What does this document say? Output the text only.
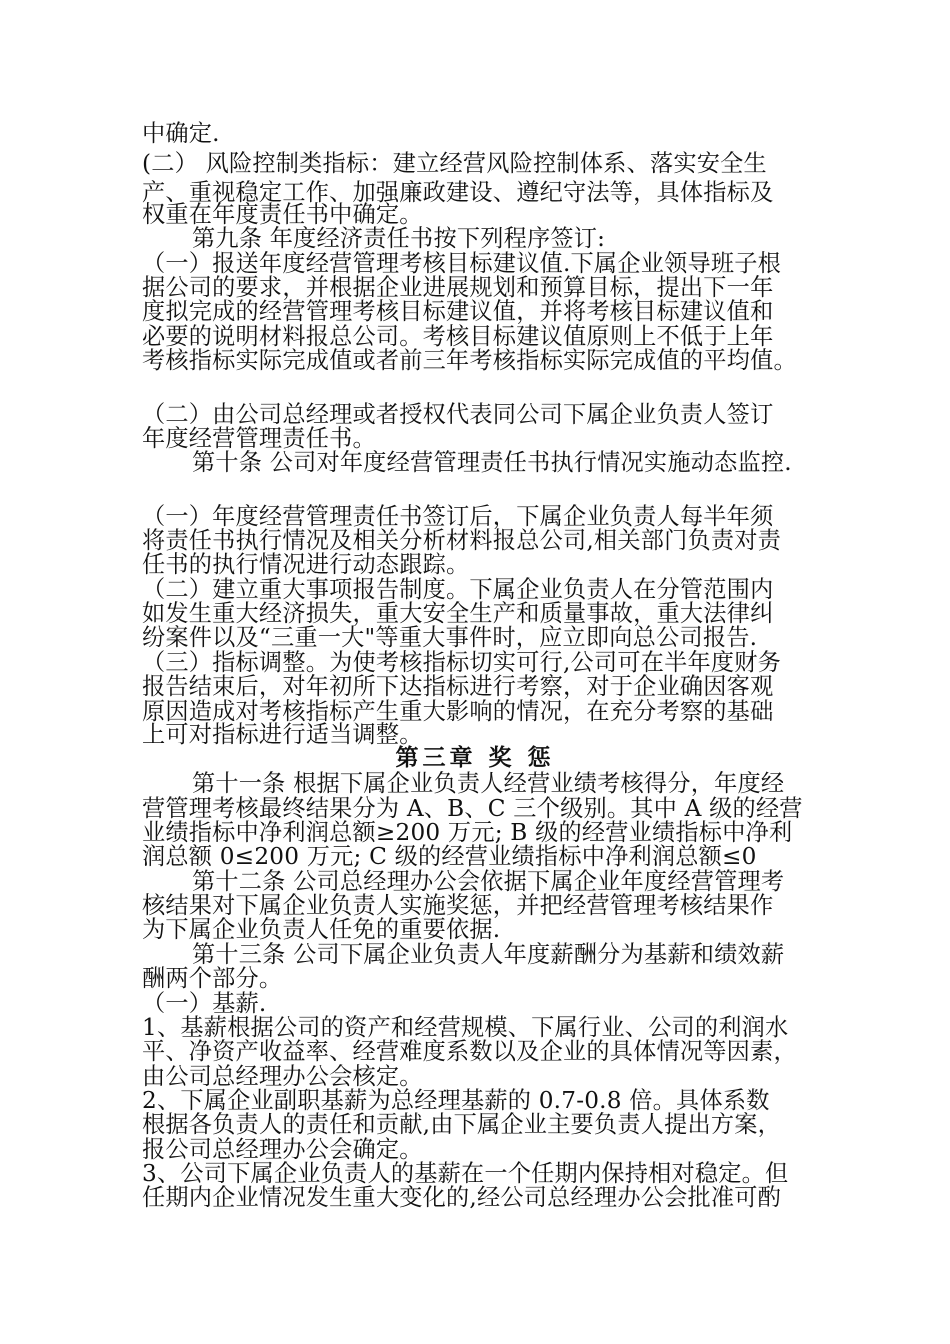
中确定.
(二） 风险控制类指标：建立经营风险控制体系、落实安全生
产、重视稳定工作、加强廉政建设、遵纪守法等，具体指标及
权重在年度责任书中确定。
第九条 年度经济责任书按下列程序签订:
（一）报送年度经营管理考核目标建议值.下属企业领导班子根
据公司的要求，并根据企业进展规划和预算目标，提出下一年
度拟完成的经营管理考核目标建议值，并将考核目标建议值和
必要的说明材料报总公司。考核目标建议值原则上不低于上年
考核指标实际完成值或者前三年考核指标实际完成值的平均值。
（二）由公司总经理或者授权代表同公司下属企业负责人签订
年度经营管理责任书。
第十条 公司对年度经营管理责任书执行情况实施动态监控.
（一）年度经营管理责任书签订后，下属企业负责人每半年须
将责任书执行情况及相关分析材料报总公司,相关部门负责对责
任书的执行情况进行动态跟踪。
（二）建立重大事项报告制度。下属企业负责人在分管范围内
如发生重大经济损失，重大安全生产和质量事故，重大法律纠
纷案件以及“三重一大"等重大事件时，应立即向总公司报告.
（三）指标调整。为使考核指标切实可行,公司可在半年度财务
报告结束后，对年初所下达指标进行考察，对于企业确因客观
原因造成对考核指标产生重大影响的情况，在充分考察的基础
上可对指标进行适当调整。
第三章 奖 惩
第十一条 根据下属企业负责人经营业绩考核得分，年度经
营管理考核最终结果分为 A、B、C 三个级别。其中 A 级的经营
业绩指标中净利润总额≥200 万元; B 级的经营业绩指标中净利
润总额 0≤200 万元; C 级的经营业绩指标中净利润总额≤0
第十二条 公司总经理办公会依据下属企业年度经营管理考
核结果对下属企业负责人实施奖惩，并把经营管理考核结果作
为下属企业负责人任免的重要依据.
第十三条 公司下属企业负责人年度薪酬分为基薪和绩效薪
酬两个部分。
（一）基薪.
1、基薪根据公司的资产和经营规模、下属行业、公司的利润水
平、净资产收益率、经营难度系数以及企业的具体情况等因素，
由公司总经理办公会核定。
2、下属企业副职基薪为总经理基薪的 0.7-0.8 倍。具体系数
根据各负责人的责任和贡献,由下属企业主要负责人提出方案，
报公司总经理办公会确定。
3、公司下属企业负责人的基薪在一个任期内保持相对稳定。但
任期内企业情况发生重大变化的,经公司总经理办公会批准可酌
